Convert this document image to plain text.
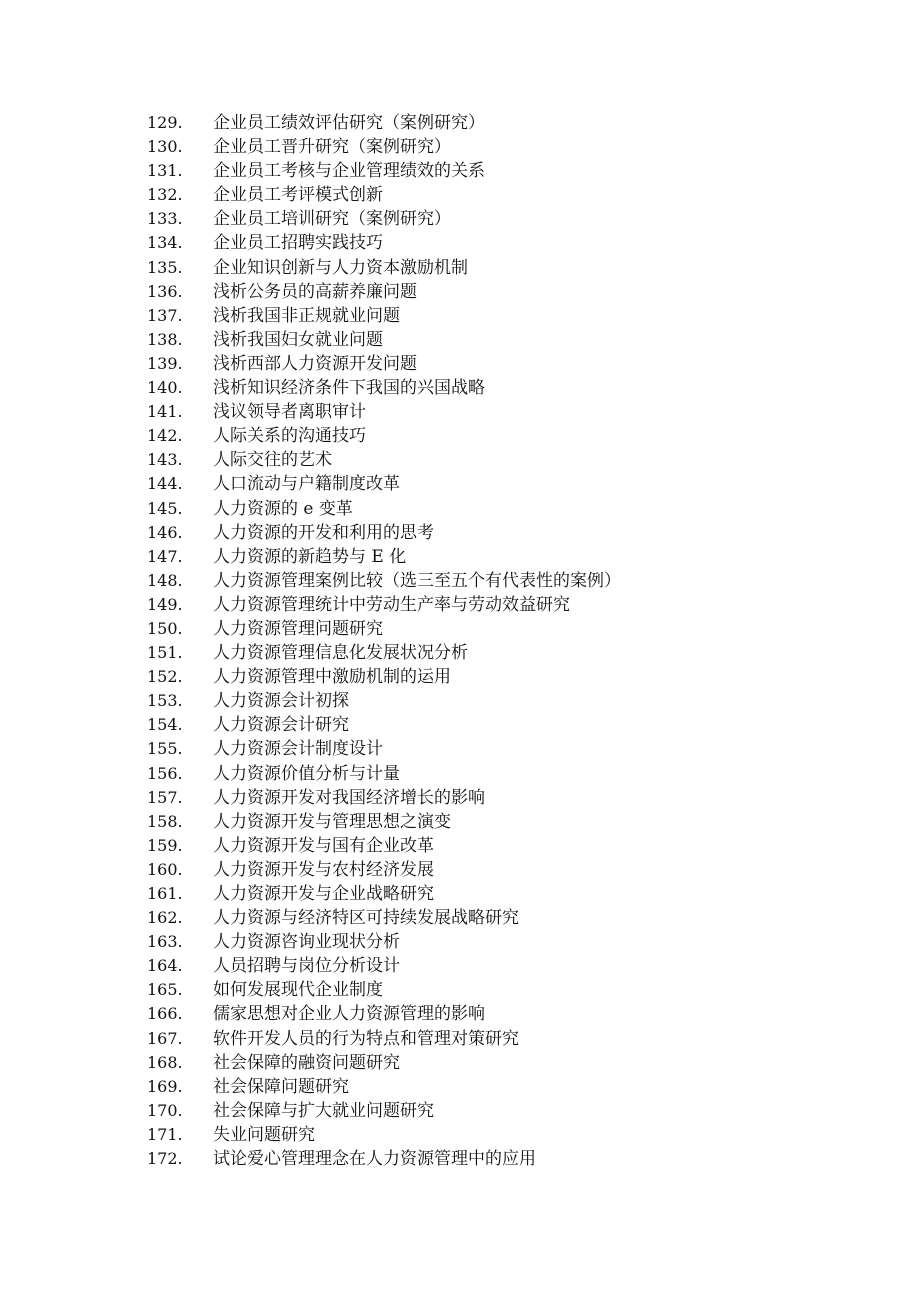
129. 企业员工绩效评估研究（案例研究）
130. 企业员工晋升研究（案例研究）
131. 企业员工考核与企业管理绩效的关系
132. 企业员工考评模式创新
133. 企业员工培训研究（案例研究）
134. 企业员工招聘实践技巧
135. 企业知识创新与人力资本激励机制
136. 浅析公务员的高薪养廉问题
137. 浅析我国非正规就业问题
138. 浅析我国妇女就业问题
139. 浅析西部人力资源开发问题
140. 浅析知识经济条件下我国的兴国战略
141. 浅议领导者离职审计
142. 人际关系的沟通技巧
143. 人际交往的艺术
144. 人口流动与户籍制度改革
145. 人力资源的 e 变革
146. 人力资源的开发和利用的思考
147. 人力资源的新趋势与 E 化
148. 人力资源管理案例比较（选三至五个有代表性的案例）
149. 人力资源管理统计中劳动生产率与劳动效益研究
150. 人力资源管理问题研究
151. 人力资源管理信息化发展状况分析
152. 人力资源管理中激励机制的运用
153. 人力资源会计初探
154. 人力资源会计研究
155. 人力资源会计制度设计
156. 人力资源价值分析与计量
157. 人力资源开发对我国经济增长的影响
158. 人力资源开发与管理思想之演变
159. 人力资源开发与国有企业改革
160. 人力资源开发与农村经济发展
161. 人力资源开发与企业战略研究
162. 人力资源与经济特区可持续发展战略研究
163. 人力资源咨询业现状分析
164. 人员招聘与岗位分析设计
165. 如何发展现代企业制度
166. 儒家思想对企业人力资源管理的影响
167. 软件开发人员的行为特点和管理对策研究
168. 社会保障的融资问题研究
169. 社会保障问题研究
170. 社会保障与扩大就业问题研究
171. 失业问题研究
172. 试论爱心管理理念在人力资源管理中的应用
